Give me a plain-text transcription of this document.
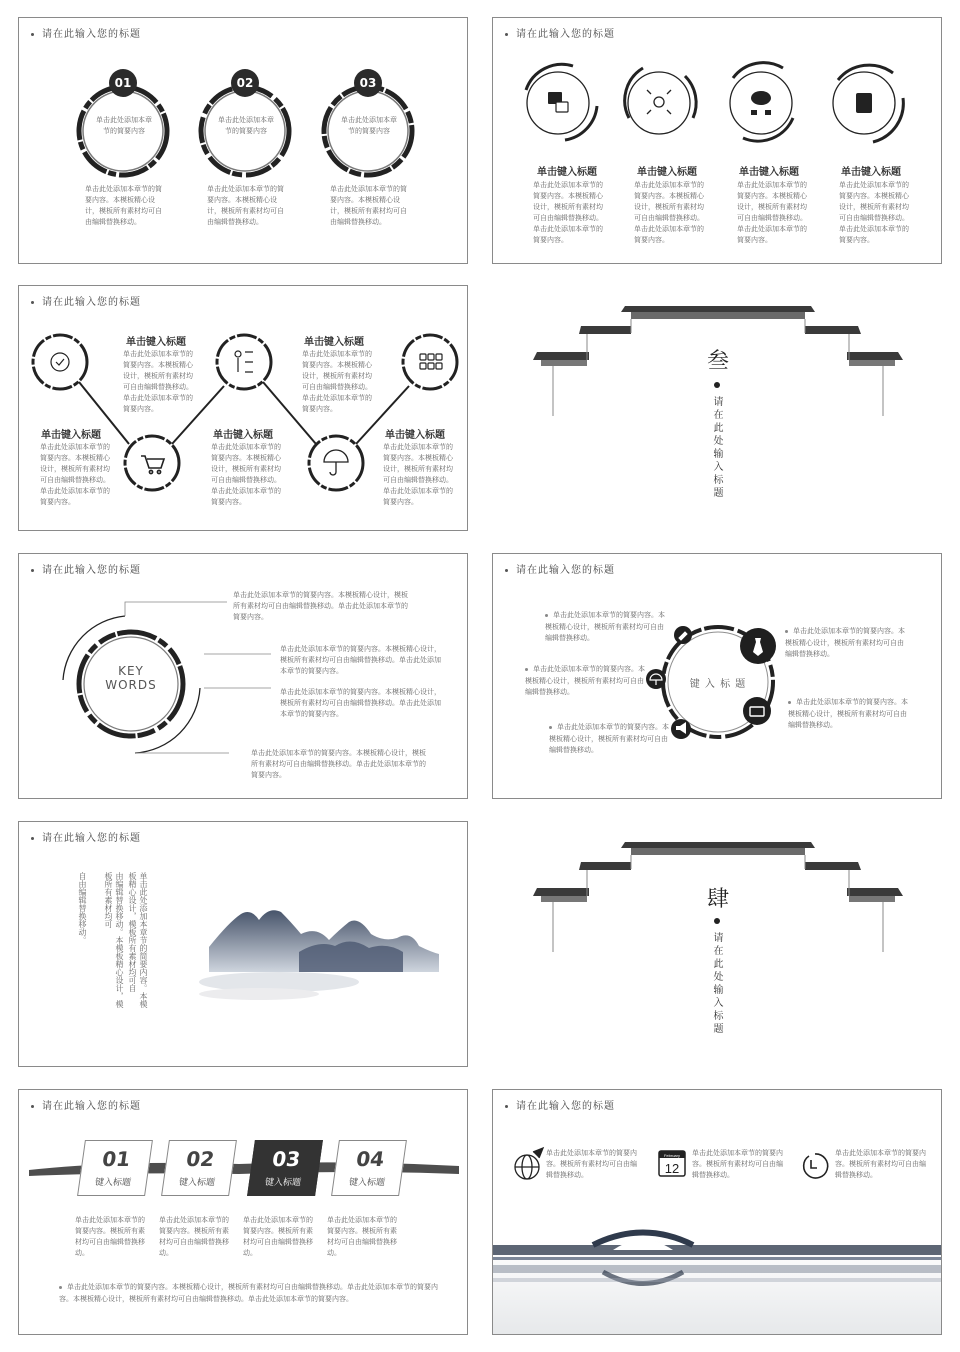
请在此输入您的标题
01	02	03
单击此处添加本章节的简要内容
单击此处添加本章节的简要内容
单击此处添加本章节的简要内容
单击此处添加本章节的简要内容。本模板精心设计，模板所有素材均可自由编辑替换移动。
单击此处添加本章节的简要内容。本模板精心设计，模板所有素材均可自由编辑替换移动。
单击此处添加本章节的简要内容。本模板精心设计，模板所有素材均可自由编辑替换移动。
请在此输入您的标题
单击键入标题	单击键入标题	单击键入标题	单击键入标题
单击此处添加本章节的简要内容。本模板精心设计，模板所有素材均可自由编辑替换移动。单击此处添加本章节的简要内容。
单击此处添加本章节的简要内容。本模板精心设计，模板所有素材均可自由编辑替换移动。单击此处添加本章节的简要内容。
单击此处添加本章节的简要内容。本模板精心设计，模板所有素材均可自由编辑替换移动。单击此处添加本章节的简要内容。
单击此处添加本章节的简要内容。本模板精心设计，模板所有素材均可自由编辑替换移动。单击此处添加本章节的简要内容。
请在此输入您的标题
单击键入标题
单击此处添加本章节的简要内容。本模板精心设计，模板所有素材均可自由编辑替换移动。单击此处添加本章节的简要内容。
单击键入标题
单击此处添加本章节的简要内容。本模板精心设计，模板所有素材均可自由编辑替换移动。单击此处添加本章节的简要内容。
单击键入标题
单击此处添加本章节的简要内容。本模板精心设计，模板所有素材均可自由编辑替换移动。单击此处添加本章节的简要内容。
单击键入标题
单击此处添加本章节的简要内容。本模板精心设计，模板所有素材均可自由编辑替换移动。单击此处添加本章节的简要内容。
单击键入标题
单击此处添加本章节的简要内容。本模板精心设计，模板所有素材均可自由编辑替换移动。单击此处添加本章节的简要内容。
叁
请在此处输入标题
请在此输入您的标题
KEY WORDS
单击此处添加本章节的简要内容。本模板精心设计，模板所有素材均可自由编辑替换移动。单击此处添加本章节的简要内容。
单击此处添加本章节的简要内容。本模板精心设计，模板所有素材均可自由编辑替换移动。单击此处添加本章节的简要内容。
单击此处添加本章节的简要内容。本模板精心设计，模板所有素材均可自由编辑替换移动。单击此处添加本章节的简要内容。
单击此处添加本章节的简要内容。本模板精心设计，模板所有素材均可自由编辑替换移动。单击此处添加本章节的简要内容。
请在此输入您的标题
键 入 标 题
单击此处添加本章节的简要内容。本模板精心设计，模板所有素材均可自由编辑替换移动。
单击此处添加本章节的简要内容。本模板精心设计，模板所有素材均可自由编辑替换移动。
单击此处添加本章节的简要内容。本模板精心设计，模板所有素材均可自由编辑替换移动。
单击此处添加本章节的简要内容。本模板精心设计，模板所有素材均可自由编辑替换移动。
单击此处添加本章节的简要内容。本模板精心设计，模板所有素材均可自由编辑替换移动。
请在此输入您的标题
单击此处添加本章节的简要内容。本模板精心设计，模板所有素材均可自
由编辑替换移动。本模板精心设计，模板所有素材均可
自由编辑替换移动。	肆
请在此处输入标题
请在此输入您的标题
01
键入标题
02
键入标题
03
键入标题
04
键入标题
单击此处添加本章节的简要内容。模板所有素材均可自由编辑替换移动。
单击此处添加本章节的简要内容。模板所有素材均可自由编辑替换移动。
单击此处添加本章节的简要内容。模板所有素材均可自由编辑替换移动。
单击此处添加本章节的简要内容。模板所有素材均可自由编辑替换移动。
单击此处添加本章节的简要内容。本模板精心设计，模板所有素材均可自由编辑替换移动。单击此处添加本章节的简要内容。本模板精心设计，模板所有素材均可自由编辑替换移动。单击此处添加本章节的简要内容。
请在此输入您的标题
February
12
单击此处添加本章节的简要内容。模板所有素材均可自由编辑替换移动。
单击此处添加本章节的简要内容。模板所有素材均可自由编辑替换移动。
单击此处添加本章节的简要内容。模板所有素材均可自由编辑替换移动。
